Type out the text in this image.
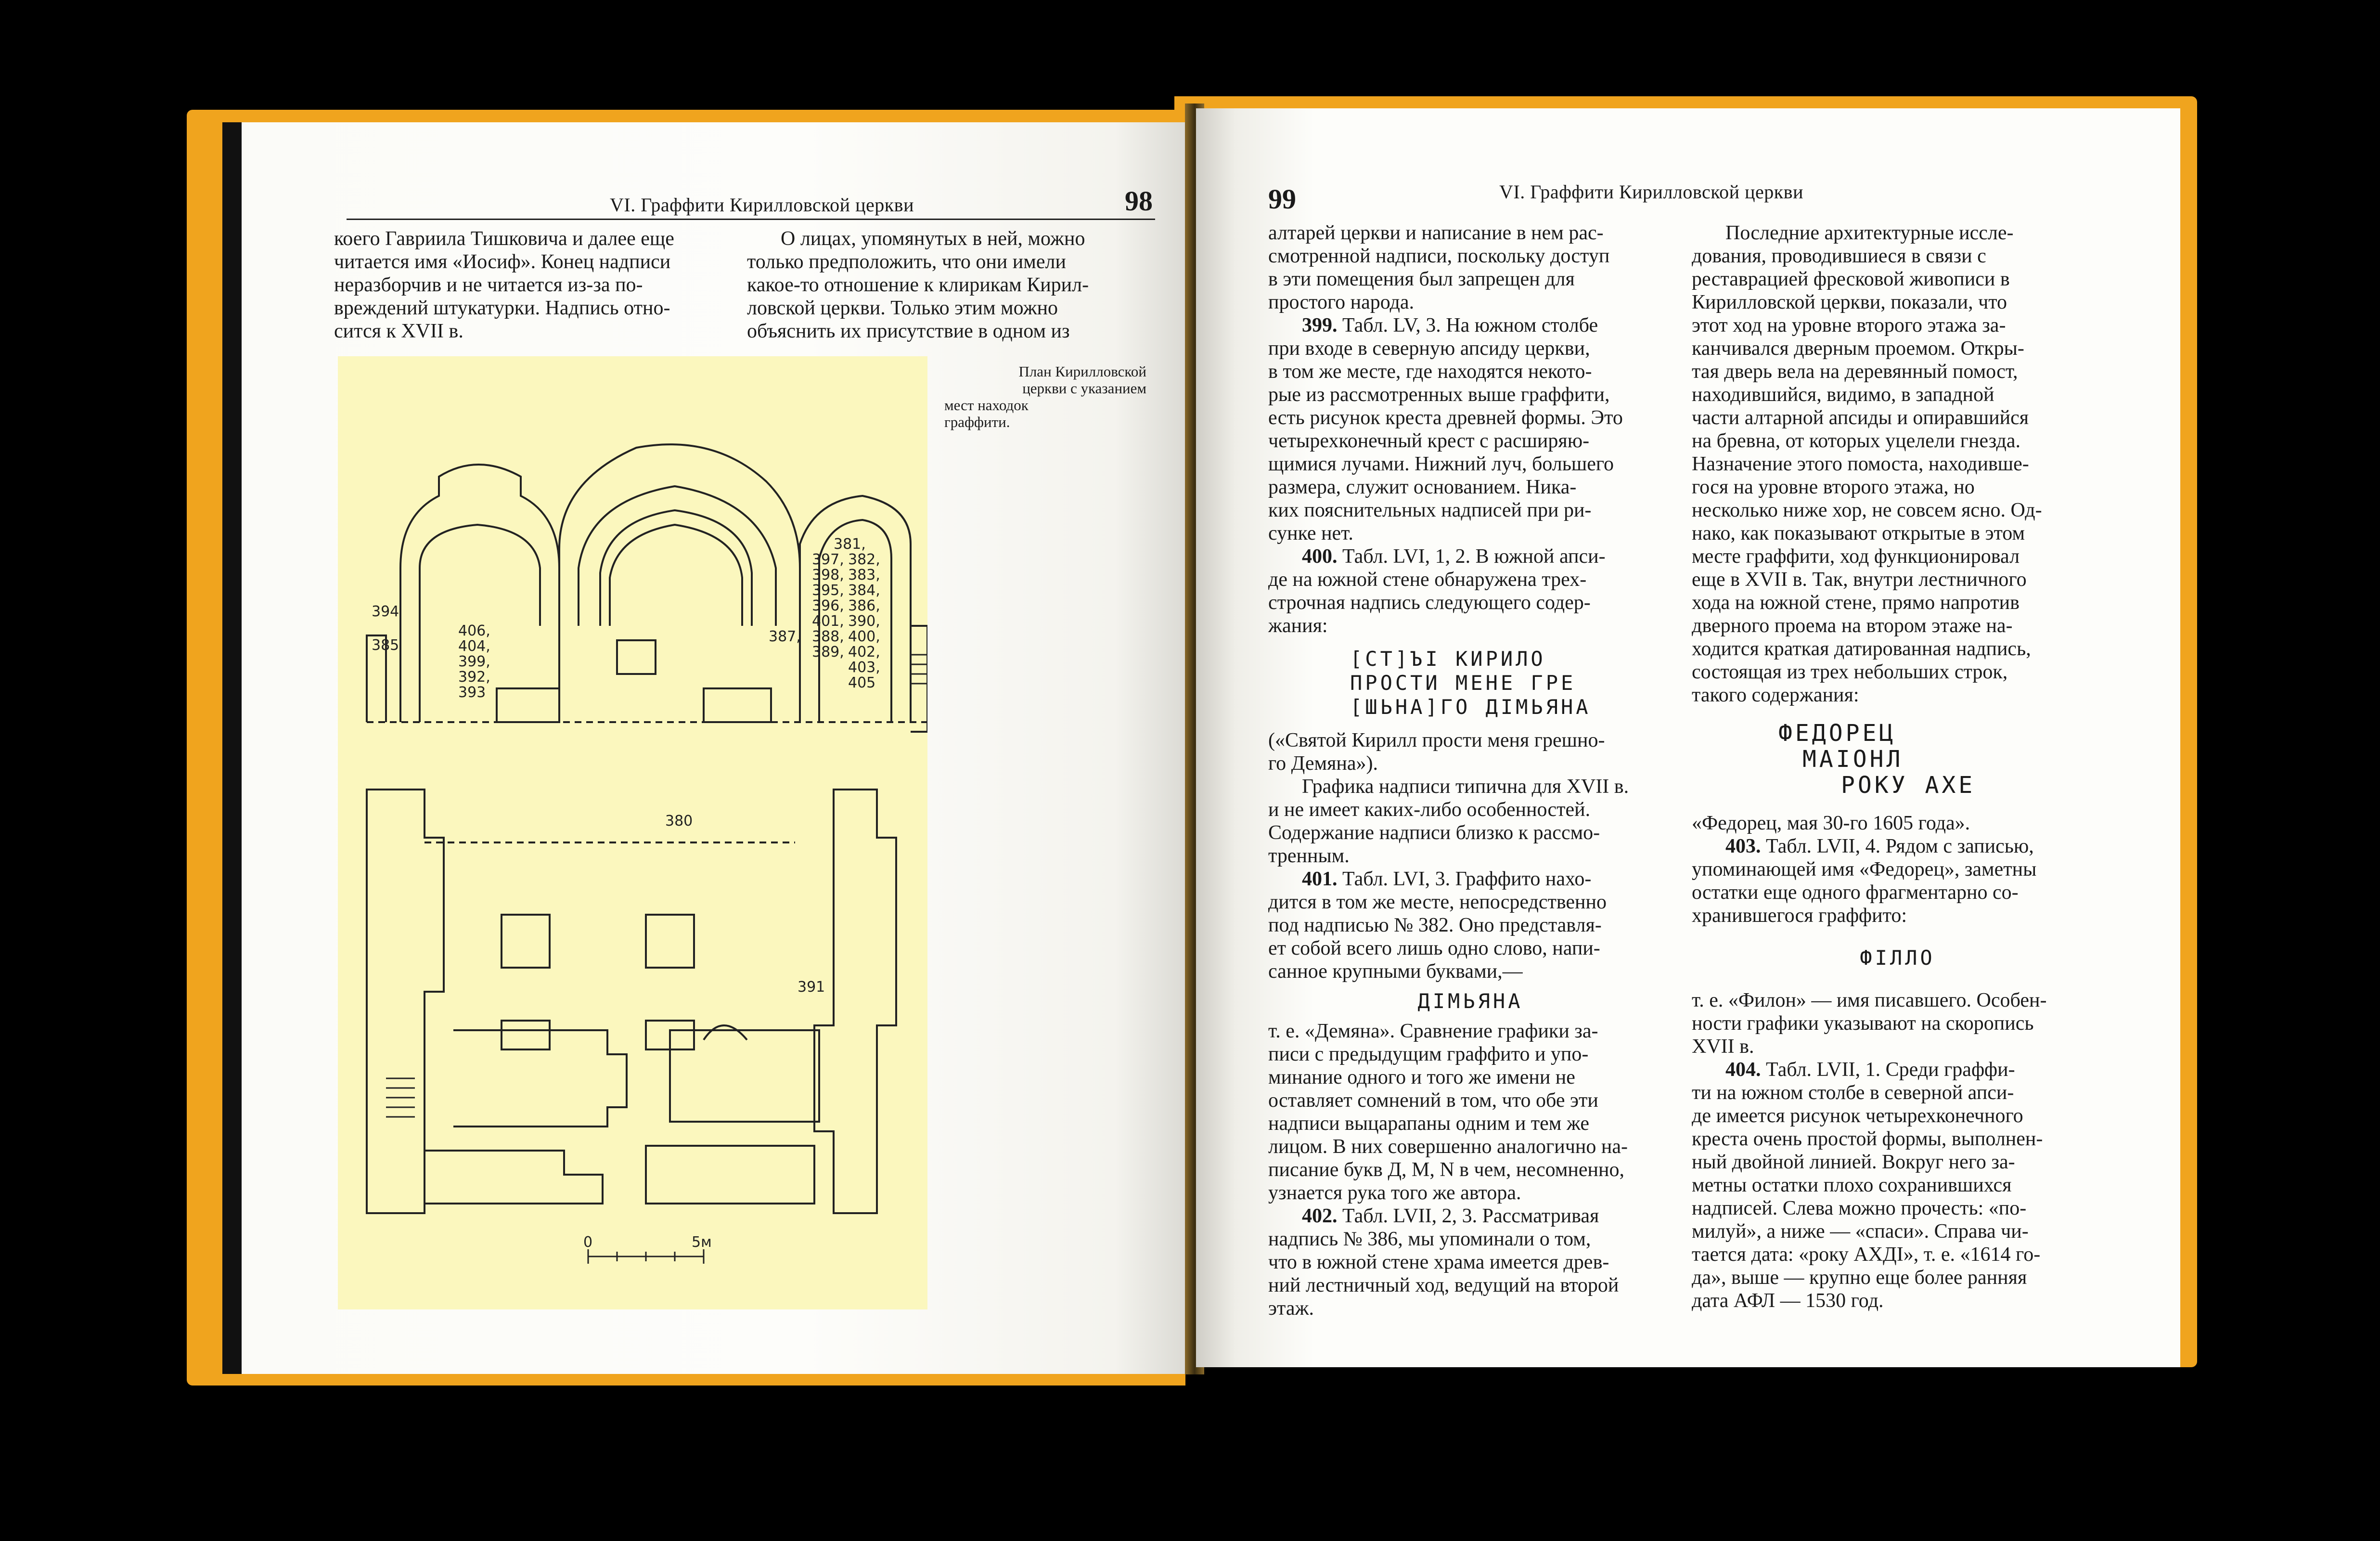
VI. Граффити Кирилловской церкви	98

коего Гавриила Тишковича и далее еще

читается имя «Иосиф». Конец надписи

неразборчив и не читается из-за по-

вреждений штукатурки. Надпись отно-

сится к XVII в.

О лицах, упомянутых в ней, можно

только предположить, что они имели

какое-то отношение к клирикам Кирил-

ловской церкви. Только этим можно

объяснить их присутствие в одном из

394
385
406,
404,
399,
392,
393
381,
397, 382,
398, 383,
395, 384,
396, 386,
401, 390,
387, 388, 400,
389, 402,
403,
405
380
391
0	5м

План Кирилловской

церкви с указанием

мест находок

граффити.

99	VI. Граффити Кирилловской церкви

алтарей церкви и написание в нем рас-

смотренной надписи, поскольку доступ

в эти помещения был запрещен для

простого народа.

399. Табл. LV, 3. На южном столбе

при входе в северную апсиду церкви,

в том же месте, где находятся некото-

рые из рассмотренных выше граффити,

есть рисунок креста древней формы. Это

четырехконечный крест с расширяю-

щимися лучами. Нижний луч, большего

размера, служит основанием. Ника-

ких пояснительных надписей при ри-

сунке нет.

400. Табл. LVI, 1, 2. В южной апси-

де на южной стене обнаружена трех-

строчная надпись следующего содер-

жания:

[СТ]ЪІ КИРИЛО
ПРОСТИ МЕНЕ ГРЕ
[ШЬНА]ГО ДІМЬЯНА

(«Святой Кирилл прости меня грешно-

го Демяна»).

Графика надписи типична для XVII в.

и не имеет каких-либо особенностей.

Содержание надписи близко к рассмо-

тренным.

401. Табл. LVI, 3. Граффито нахо-

дится в том же месте, непосредственно

под надписью № 382. Оно представля-

ет собой всего лишь одно слово, напи-

санное крупными буквами,—

ДІМЬЯНА

т. е. «Демяна». Сравнение графики за-

писи с предыдущим граффито и упо-

минание одного и того же имени не

оставляет сомнений в том, что обе эти

надписи выцарапаны одним и тем же

лицом. В них совершенно аналогично на-

писание букв Д, М, N в чем, несомненно,

узнается рука того же автора.

402. Табл. LVII, 2, 3. Рассматривая

надпись № 386, мы упоминали о том,

что в южной стене храма имеется древ-

ний лестничный ход, ведущий на второй

этаж.

Последние архитектурные иссле-

дования, проводившиеся в связи с

реставрацией фресковой живописи в

Кирилловской церкви, показали, что

этот ход на уровне второго этажа за-

канчивался дверным проемом. Откры-

тая дверь вела на деревянный помост,

находившийся, видимо, в западной

части алтарной апсиды и опиравшийся

на бревна, от которых уцелели гнезда.

Назначение этого помоста, находивше-

гося на уровне второго этажа, но

несколько ниже хор, не совсем ясно. Од-

нако, как показывают открытые в этом

месте граффити, ход функционировал

еще в XVII в. Так, внутри лестничного

хода на южной стене, прямо напротив

дверного проема на втором этаже на-

ходится краткая датированная надпись,

состоящая из трех небольших строк,

такого содержания:

ФЕДОРЕЦ
МАІОНЛ
РОКУ АХЕ

«Федорец, мая 30-го 1605 года».

403. Табл. LVII, 4. Рядом с записью,

упоминающей имя «Федорец», заметны

остатки еще одного фрагментарно со-

хранившегося граффито:

ФІЛЛО

т. е. «Филон» — имя писавшего. Особен-

ности графики указывают на скоропись

XVII в.

404. Табл. LVII, 1. Среди граффи-

ти на южном столбе в северной апси-

де имеется рисунок четырехконечного

креста очень простой формы, выполнен-

ный двойной линией. Вокруг него за-

метны остатки плохо сохранившихся

надписей. Слева можно прочесть: «по-

милуй», а ниже — «спаси». Справа чи-

тается дата: «року АХДІ», т. е. «1614 го-

да», выше — крупно еще более ранняя

дата АФЛ — 1530 год.
